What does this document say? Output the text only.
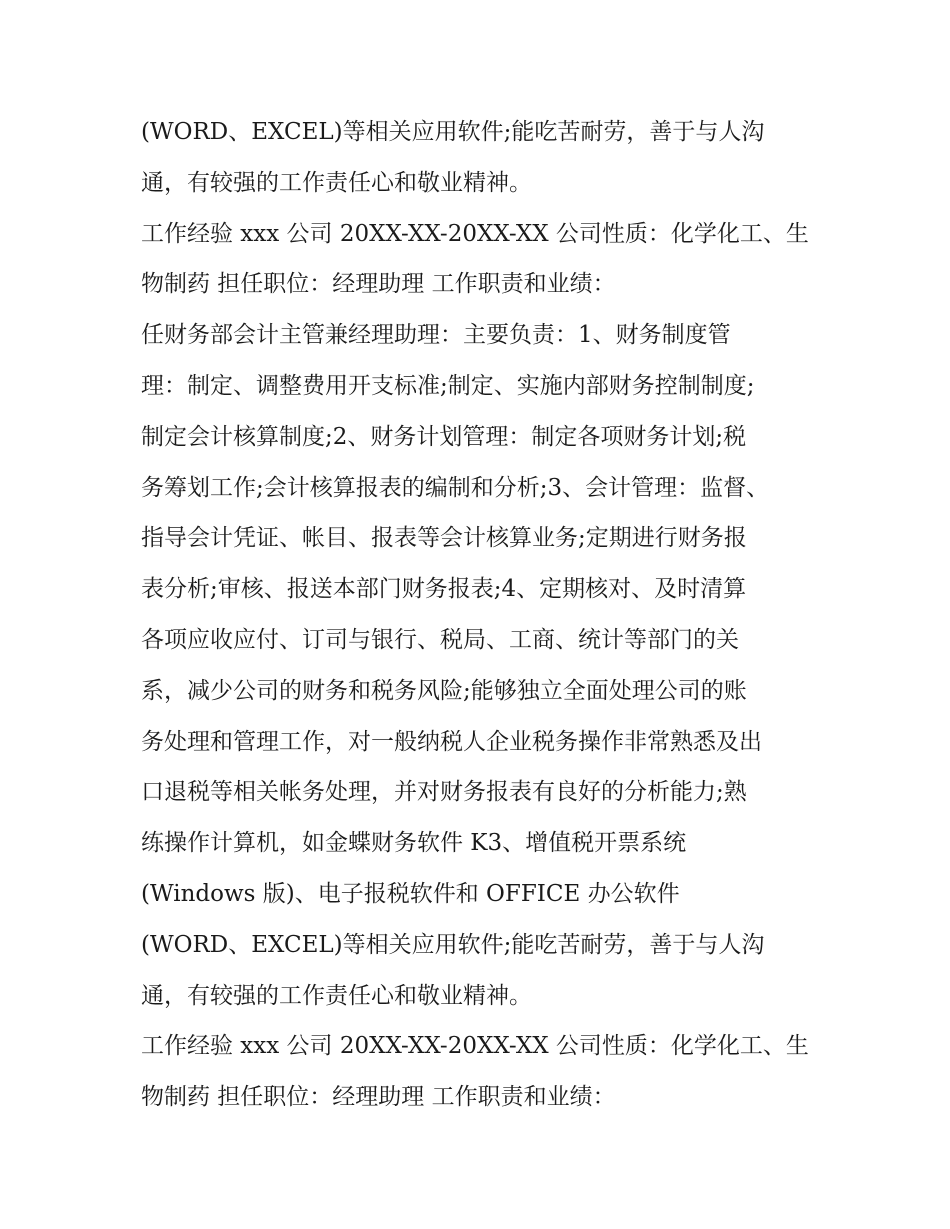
(WORD、EXCEL)等相关应用软件;能吃苦耐劳，善于与人沟
通，有较强的工作责任心和敬业精神。
工作经验 xxx 公司 20XX-XX-20XX-XX 公司性质：化学化工、生
物制药 担任职位：经理助理 工作职责和业绩：
任财务部会计主管兼经理助理：主要负责：1、财务制度管
理：制定、调整费用开支标准;制定、实施内部财务控制制度;
制定会计核算制度;2、财务计划管理：制定各项财务计划;税
务筹划工作;会计核算报表的编制和分析;3、会计管理：监督、
指导会计凭证、帐目、报表等会计核算业务;定期进行财务报
表分析;审核、报送本部门财务报表;4、定期核对、及时清算
各项应收应付、订司与银行、税局、工商、统计等部门的关
系，减少公司的财务和税务风险;能够独立全面处理公司的账
务处理和管理工作，对一般纳税人企业税务操作非常熟悉及出
口退税等相关帐务处理，并对财务报表有良好的分析能力;熟
练操作计算机，如金蝶财务软件 K3、增值税开票系统
(Windows 版)、电子报税软件和 OFFICE 办公软件
(WORD、EXCEL)等相关应用软件;能吃苦耐劳，善于与人沟
通，有较强的工作责任心和敬业精神。
工作经验 xxx 公司 20XX-XX-20XX-XX 公司性质：化学化工、生
物制药 担任职位：经理助理 工作职责和业绩：
